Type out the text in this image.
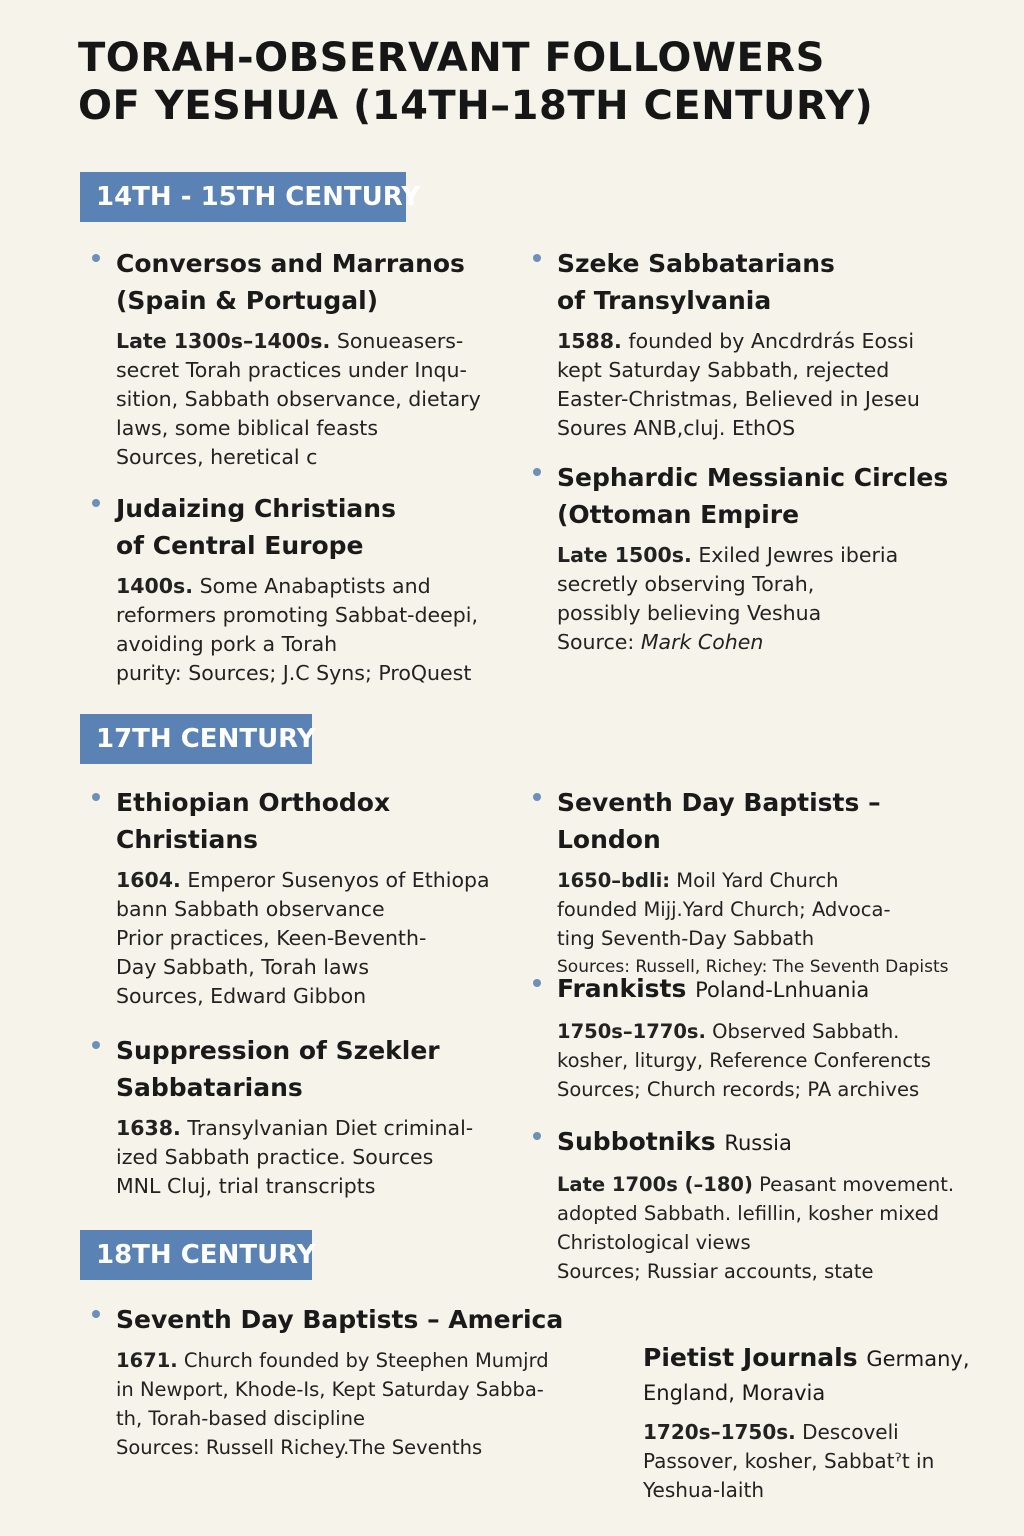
TORAH-OBSERVANT FOLLOWERS
OF YESHUA (14TH–18TH CENTURY)
14TH - 15TH CENTURY
Conversos and Marranos
(Spain & Portugal)

Late 1300s–1400s. Sonueasers-
secret Torah practices under Inqu-
sition, Sabbath observance, dietary
laws, some biblical feasts
Sources, heretical c

Judaizing Christians
of Central Europe

1400s. Some Anabaptists and
reformers promoting Sabbat-deepi,
avoiding pork a Torah
purity: Sources; J.C Syns; ProQuest

Szeke Sabbatarians
of Transylvania

1588. founded by Ancdrdrás Eossi
kept Saturday Sabbath, rejected
Easter-Christmas, Believed in Jeseu
Soures ANB,cluj. EthOS

Sephardic Messianic Circles
(Ottoman Empire

Late 1500s. Exiled Jewres iberia
secretly observing Torah,
possibly believing Veshua
Source: Mark Cohen

17TH CENTURY
Ethiopian Orthodox
Christians

1604. Emperor Susenyos of Ethiopa
bann Sabbath observance
Prior practices, Keen-Beventh-
Day Sabbath, Torah laws
Sources, Edward Gibbon

Suppression of Szekler
Sabbatarians

1638. Transylvanian Diet criminal-
ized Sabbath practice. Sources
MNL Cluj, trial transcripts

Seventh Day Baptists – London

1650–bdli: Moil Yard Church
founded Mijj.Yard Church; Advoca-
ting Seventh-Day Sabbath
Sources: Russell, Richey: The Seventh Dapists

Frankists Poland-Lnhuania

1750s–1770s. Observed Sabbath.
kosher, liturgy, Reference Conferencts
Sources; Church records; PA archives

Subbotniks Russia

Late 1700s (–180) Peasant movement.
adopted Sabbath. lefillin, kosher mixed
Christological views
Sources; Russiar accounts, state

18TH CENTURY
Seventh Day Baptists – America

1671. Church founded by Steephen Mumjrd
in Newport, Khode-Is, Kept Saturday Sabba-
th, Torah-based discipline
Sources: Russell Richey.The Sevenths

Pietist Journals Germany,
England, Moravia

1720s–1750s. Descoveli
Passover, kosher, Sabbatˀt in
Yeshua-laith
